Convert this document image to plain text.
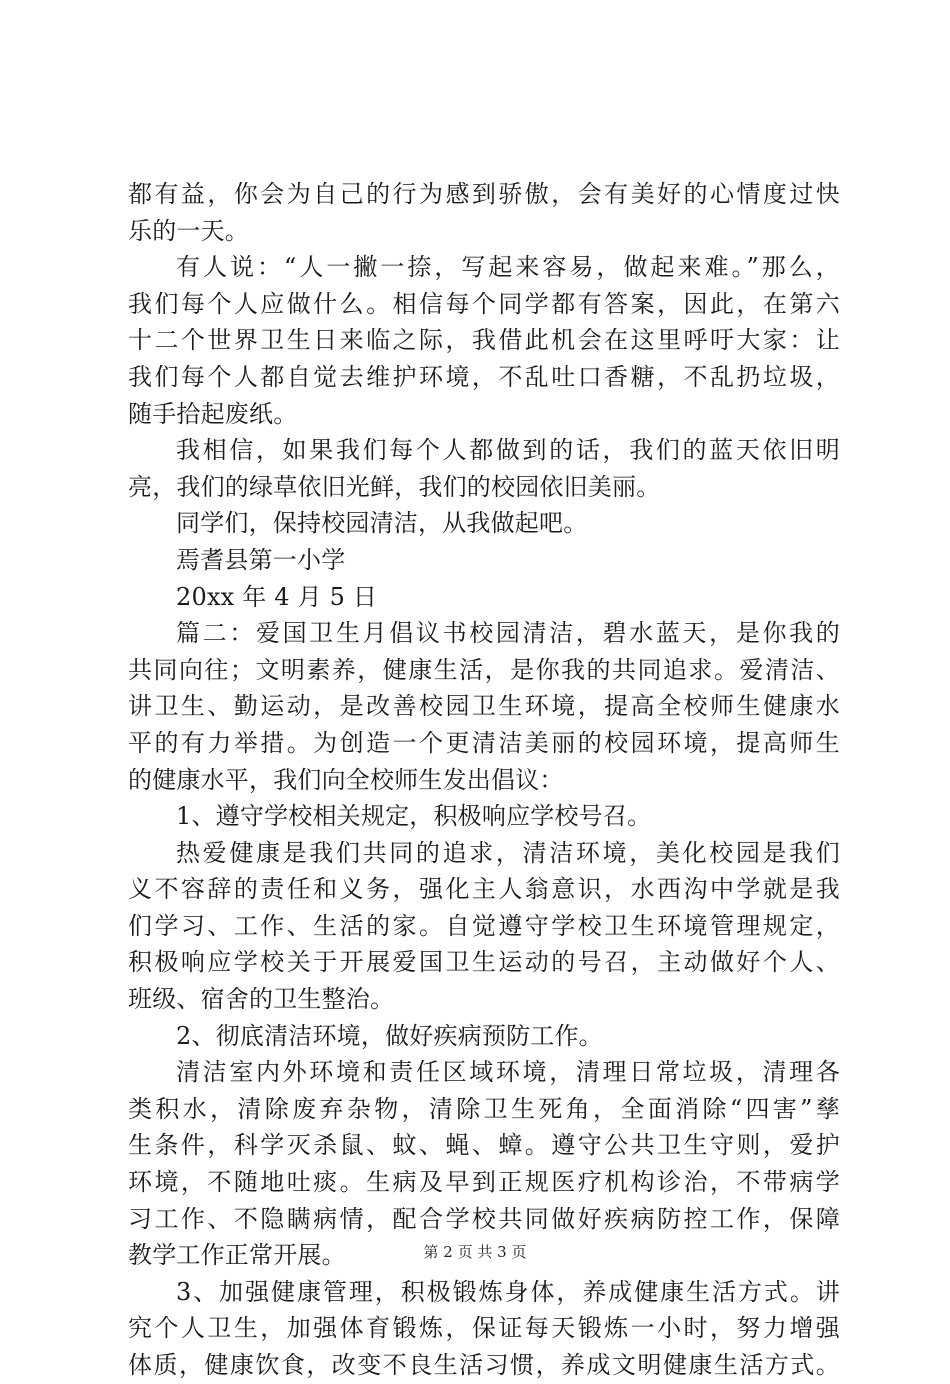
都有益，你会为自己的行为感到骄傲，会有美好的心情度过快
乐的一天。
有人说：“人一撇一捺，写起来容易，做起来难。”那么，
我们每个人应做什么。相信每个同学都有答案，因此，在第六
十二个世界卫生日来临之际，我借此机会在这里呼吁大家：让
我们每个人都自觉去维护环境，不乱吐口香糖，不乱扔垃圾，
随手拾起废纸。
我相信，如果我们每个人都做到的话，我们的蓝天依旧明
亮，我们的绿草依旧光鲜，我们的校园依旧美丽。
同学们，保持校园清洁，从我做起吧。
焉耆县第一小学
20xx 年 4 月 5 日
篇二：爱国卫生月倡议书校园清洁，碧水蓝天，是你我的
共同向往；文明素养，健康生活，是你我的共同追求。爱清洁、
讲卫生、勤运动，是改善校园卫生环境，提高全校师生健康水
平的有力举措。为创造一个更清洁美丽的校园环境，提高师生
的健康水平，我们向全校师生发出倡议：
1、遵守学校相关规定，积极响应学校号召。
热爱健康是我们共同的追求，清洁环境，美化校园是我们
义不容辞的责任和义务，强化主人翁意识，水西沟中学就是我
们学习、工作、生活的家。自觉遵守学校卫生环境管理规定，
积极响应学校关于开展爱国卫生运动的号召，主动做好个人、
班级、宿舍的卫生整治。
2、彻底清洁环境，做好疾病预防工作。
清洁室内外环境和责任区域环境，清理日常垃圾，清理各
类积水，清除废弃杂物，清除卫生死角，全面消除“四害”孳
生条件，科学灭杀鼠、蚊、蝇、蟑。遵守公共卫生守则，爱护
环境，不随地吐痰。生病及早到正规医疗机构诊治，不带病学
习工作、不隐瞒病情，配合学校共同做好疾病防控工作，保障
教学工作正常开展。
3、加强健康管理，积极锻炼身体，养成健康生活方式。讲
究个人卫生，加强体育锻炼，保证每天锻炼一小时，努力增强
体质，健康饮食，改变不良生活习惯，养成文明健康生活方式。
第 2 页 共 3 页
